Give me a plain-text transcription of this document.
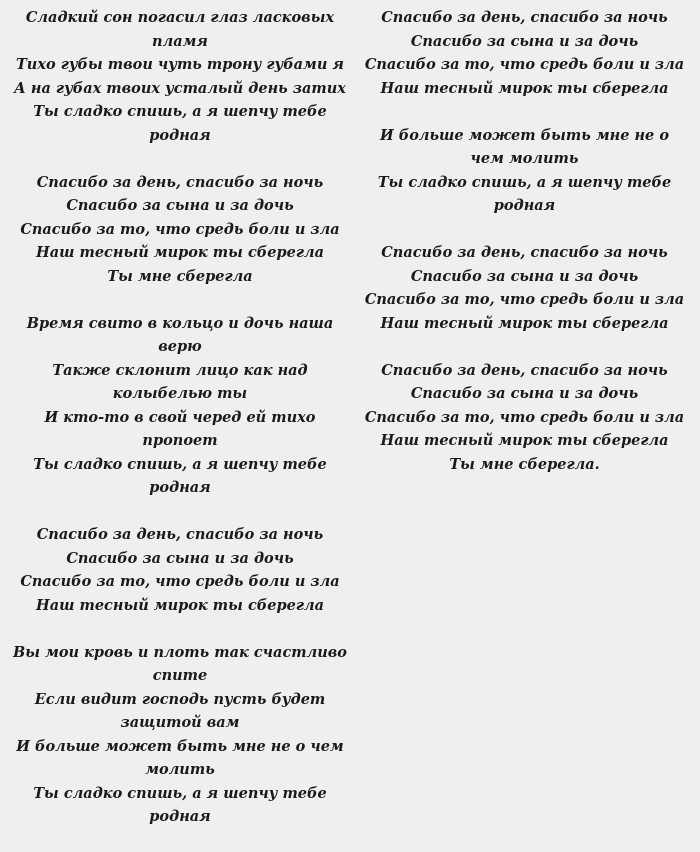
Сладкий сон погасил глаз ласковых пламя
Тихо губы твои чуть трону губами я
А на губах твоих усталый день затих
Ты сладко спишь, а я шепчу тебе родная
Спасибо за день, спасибо за ночь
Спасибо за сына и за дочь
Спасибо за то, что средь боли и зла
Наш тесный мирок ты сберегла
Ты мне сберегла
Время свито в кольцо и дочь наша верю
Также склонит лицо как над колыбелью ты
И кто-то в свой черед ей тихо пропоет
Ты сладко спишь, а я шепчу тебе родная
Спасибо за день, спасибо за ночь
Спасибо за сына и за дочь
Спасибо за то, что средь боли и зла
Наш тесный мирок ты сберегла
Вы мои кровь и плоть так счастливо спите
Если видит господь пусть будет защитой вам
И больше может быть мне не о чем молить
Ты сладко спишь, а я шепчу тебе родная
Спасибо за день, спасибо за ночь
Спасибо за сына и за дочь
Спасибо за то, что средь боли и зла
Наш тесный мирок ты сберегла
И больше может быть мне не о чем молить
Ты сладко спишь, а я шепчу тебе родная
Спасибо за день, спасибо за ночь
Спасибо за сына и за дочь
Спасибо за то, что средь боли и зла
Наш тесный мирок ты сберегла
Спасибо за день, спасибо за ночь
Спасибо за сына и за дочь
Спасибо за то, что средь боли и зла
Наш тесный мирок ты сберегла
Ты мне сберегла.
